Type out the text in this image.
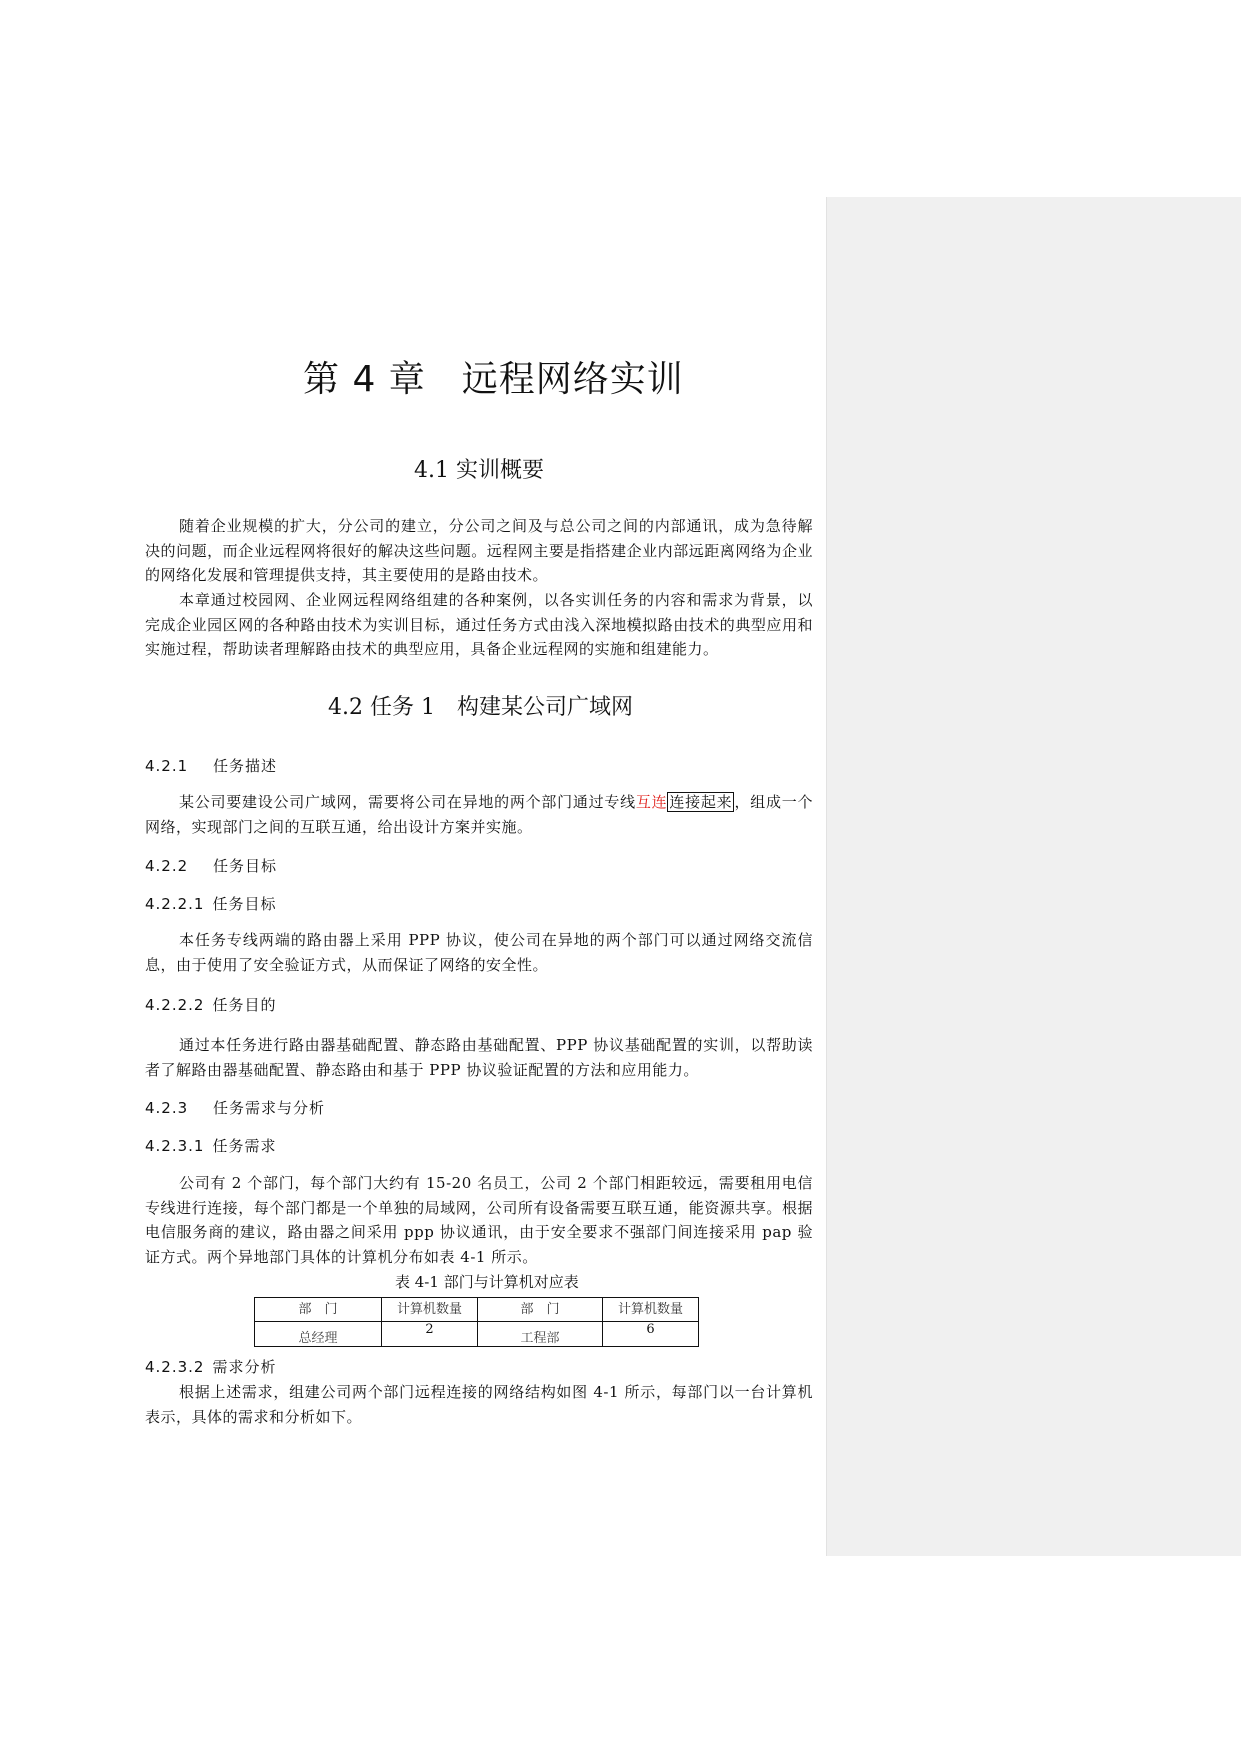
第 4 章 远程网络实训
4.1 实训概要
随着企业规模的扩大，分公司的建立，分公司之间及与总公司之间的内部通讯，成为急待解决的问题，而企业远程网将很好的解决这些问题。远程网主要是指搭建企业内部远距离网络为企业的网络化发展和管理提供支持，其主要使用的是路由技术。
本章通过校园网、企业网远程网络组建的各种案例，以各实训任务的内容和需求为背景，以完成企业园区网的各种路由技术为实训目标，通过任务方式由浅入深地模拟路由技术的典型应用和实施过程，帮助读者理解路由技术的典型应用，具备企业远程网的实施和组建能力。
4.2 任务 1　构建某公司广域网
4.2.1 任务描述
某公司要建设公司广域网，需要将公司在异地的两个部门通过专线互连 连接起来 ，组成一个网络，实现部门之间的互联互通，给出设计方案并实施。
4.2.2 任务目标
4.2.2.1 任务目标
本任务专线两端的路由器上采用 PPP 协议，使公司在异地的两个部门可以通过网络交流信息，由于使用了安全验证方式，从而保证了网络的安全性。
4.2.2.2 任务目的
通过本任务进行路由器基础配置、静态路由基础配置、PPP 协议基础配置的实训，以帮助读者了解路由器基础配置、静态路由和基于 PPP 协议验证配置的方法和应用能力。
4.2.3 任务需求与分析
4.2.3.1 任务需求
公司有 2 个部门，每个部门大约有 15-20 名员工，公司 2 个部门相距较远，需要租用电信专线进行连接，每个部门都是一个单独的局域网，公司所有设备需要互联互通，能资源共享。根据电信服务商的建议，路由器之间采用 ppp 协议通讯，由于安全要求不强部门间连接采用 pap 验证方式。两个异地部门具体的计算机分布如表 4-1 所示。
表 4-1 部门与计算机对应表
部　门	计算机数量	部　门	计算机数量
总经理	2	工程部	6
4.2.3.2 需求分析
根据上述需求，组建公司两个部门远程连接的网络结构如图 4-1 所示，每部门以一台计算机表示，具体的需求和分析如下。
